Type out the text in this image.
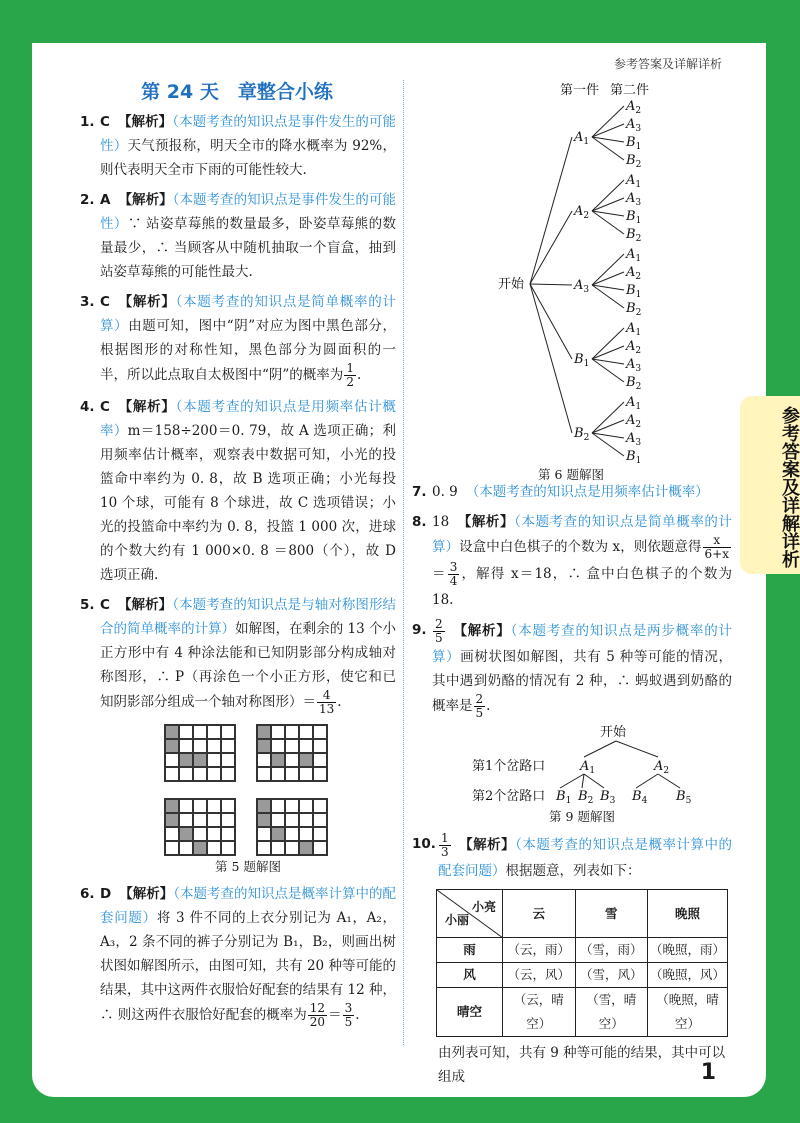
参考答案及详解详析
参考答案及详解详析
1
第 24 天　章整合小练
1. C 【解析】（本题考查的知识点是事件发生的可能性）天气预报称，明天全市的降水概率为 92%，则代表明天全市下雨的可能性较大.
2. A 【解析】（本题考查的知识点是事件发生的可能性）∵ 站姿草莓熊的数量最多，卧姿草莓熊的数量最少，∴ 当顾客从中随机抽取一个盲盒，抽到站姿草莓熊的可能性最大.
3. C 【解析】（本题考查的知识点是简单概率的计算）由题可知，图中“阴”对应为图中黑色部分，根据图形的对称性知，黑色部分为圆面积的一半，所以此点取自太极图中“阴”的概率为 $\frac{1}{2}$ .
4. C 【解析】（本题考查的知识点是用频率估计概率）m＝158÷200＝0. 79，故 A 选项正确；利用频率估计概率，观察表中数据可知，小光的投篮命中率约为 0. 8，故 B 选项正确；小光每投 10 个球，可能有 8 个球进，故 C 选项错误；小光的投篮命中率约为 0. 8，投篮 1 000 次，进球的个数大约有 1 000×0. 8 ＝800（个），故 D 选项正确.
5. C 【解析】（本题考查的知识点是与轴对称图形结合的简单概率的计算）如解图，在剩余的 13 个小正方形中有 4 种涂法能和已知阴影部分构成轴对称图形，∴ P（再涂色一个小正方形，使它和已知阴影部分组成一个轴对称图形）＝ $\frac{4}{13}$ .
第 5 题解图
6. D 【解析】（本题考查的知识点是概率计算中的配套问题）将 3 件不同的上衣分别记为 A₁，A₂，A₃，2 条不同的裤子分别记为 B₁，B₂，则画出树状图如解图所示，由图可知，共有 20 种等可能的结果，其中这两件衣服恰好配套的结果有 12 种，∴ 则这两件衣服恰好配套的概率为 $\frac{12}{20} = \frac{3}{5}$ .
第一件 第二件
开始
$A_1$
$A_2$
$A_3$
$B_1$
$B_2$
$A_2$
$A_1$
$A_3$
$B_1$
$B_2$
$A_3$
$A_1$
$A_2$
$B_1$
$B_2$
$B_1$
$A_1$
$A_2$
$A_3$
$B_2$
$B_2$
$A_1$
$A_2$
$A_3$
$B_1$
第 6 题解图
7. 0. 9 （本题考查的知识点是用频率估计概率）
8. 18 【解析】（本题考查的知识点是简单概率的计算）设盒中白色棋子的个数为 x，则依题意得 $\frac{x}{6+x}$
＝ $\frac{3}{4}$ ，解得 x＝18，∴ 盒中白色棋子的个数为 18.
9. $\frac{2}{5}$ 【解析】（本题考查的知识点是两步概率的计算）画树状图如解图，共有 5 种等可能的情况，其中遇到奶酪的情况有 2 种，∴ 蚂蚁遇到奶酪的概率是 $\frac{2}{5}$ .
开始
第1个岔路口
第2个岔路口
$A_1$	$A_2$
$B_1$ $B_2$ $B_3$ $B_4$ $B_5$
第 9 题解图
10. $\frac{1}{3}$ 【解析】（本题考查的知识点是概率计算中的配套问题）根据题意，列表如下：
小亮
小丽	云	雪	晚照
雨	（云，雨）	（雪，雨）	（晚照，雨）
风	（云，风）	（雪，风）	（晚照，风）
晴空	（云，晴空）	（雪，晴空）	（晚照，晴空）
由列表可知，共有 9 种等可能的结果，其中可以组成
